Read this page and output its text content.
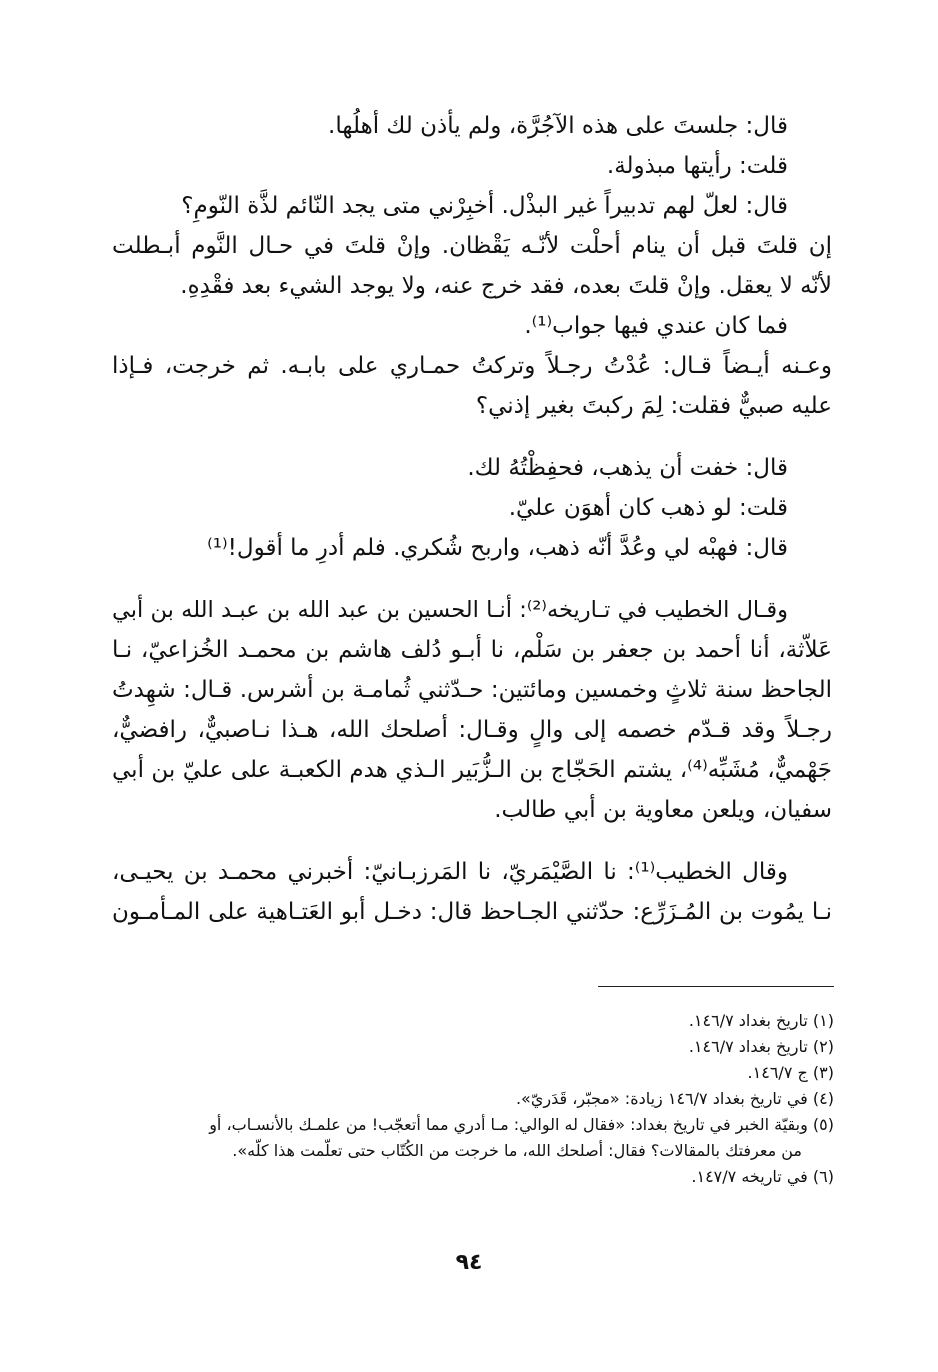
قال: جلستَ على هذه الآجُرَّة، ولم يأذن لك أهلُها.
قلت: رأيتها مبذولة.
قال: لعلّ لهم تدبيراً غير البذْل. أخبِرْني متى يجد النّائم لذَّة النّومِ؟
إن قلتَ قبل أن ينام أحلْت لأنّـه يَقْظان. وإنْ قلتَ في حـال النَّوم أبـطلت
لأنّه لا يعقل. وإنْ قلتَ بعده، فقد خرج عنه، ولا يوجد الشيء بعد فقْدِهِ.
فما كان عندي فيها جواب⁽¹⁾.
وعـنه أيـضاً قـال: عُدْتُ رجـلاً وتركتُ حمـاري على بابـه. ثم خرجت، فـإذا
عليه صبيٌّ فقلت: لِمَ ركبتَ بغير إذني؟
قال: خفت أن يذهب، فحفِظْتُهُ لك.
قلت: لو ذهب كان أهوَن عليّ.
قال: فهبْه لي وعُدَّ أنّه ذهب، واربح شُكري. فلم أدرِ ما أقول!⁽¹⁾
وقـال الخطيب في تـاريخه⁽²⁾: أنـا الحسين بن عبد الله بن عبـد الله بن أبي
عَلاّثة، أنا أحمد بن جعفر بن سَلْم، نا أبـو دُلف هاشم بن محمـد الخُزاعيّ، نـا
الجاحظ سنة ثلاثٍ وخمسين ومائتين: حـدّثني ثُمامـة بن أشرس. قـال: شهِدتُ
رجـلاً وقد قـدّم خصمه إلى والٍ وقـال: أصلحك الله، هـذا نـاصبيٌّ، رافضيٌّ،
جَهْميٌّ، مُشَبِّه⁽⁴⁾، يشتم الحَجّاج بن الـزُّبَير الـذي هدم الكعبـة على عليّ بن أبي
سفيان، ويلعن معاوية بن أبي طالب.
وقال الخطيب⁽¹⁾: نا الصَّيْمَريّ، نا المَرزبـانيّ: أخبرني محمـد بن يحيـى،
نـا يمُوت بن المُـزَرِّع: حدّثني الجـاحظ قال: دخـل أبو العَتـاهية على المـأمـون
(١) تاريخ بغداد ١٤٦/٧.
(٢) تاريخ بغداد ١٤٦/٧.
(٣) ج ١٤٦/٧.
(٤) في تاريخ بغداد ١٤٦/٧ زيادة: «مجبّر، قَدَريّ».
(٥) وبقيّة الخبر في تاريخ بغداد: «فقال له الوالي: مـا أدري مما أتعجّب! من علمـك بالأنسـاب، أو
من معرفتك بالمقالات؟ فقال: أصلحك الله، ما خرجت من الكُتّاب حتى تعلّمت هذا كلّه».
(٦) في تاريخه ١٤٧/٧.
٩٤
